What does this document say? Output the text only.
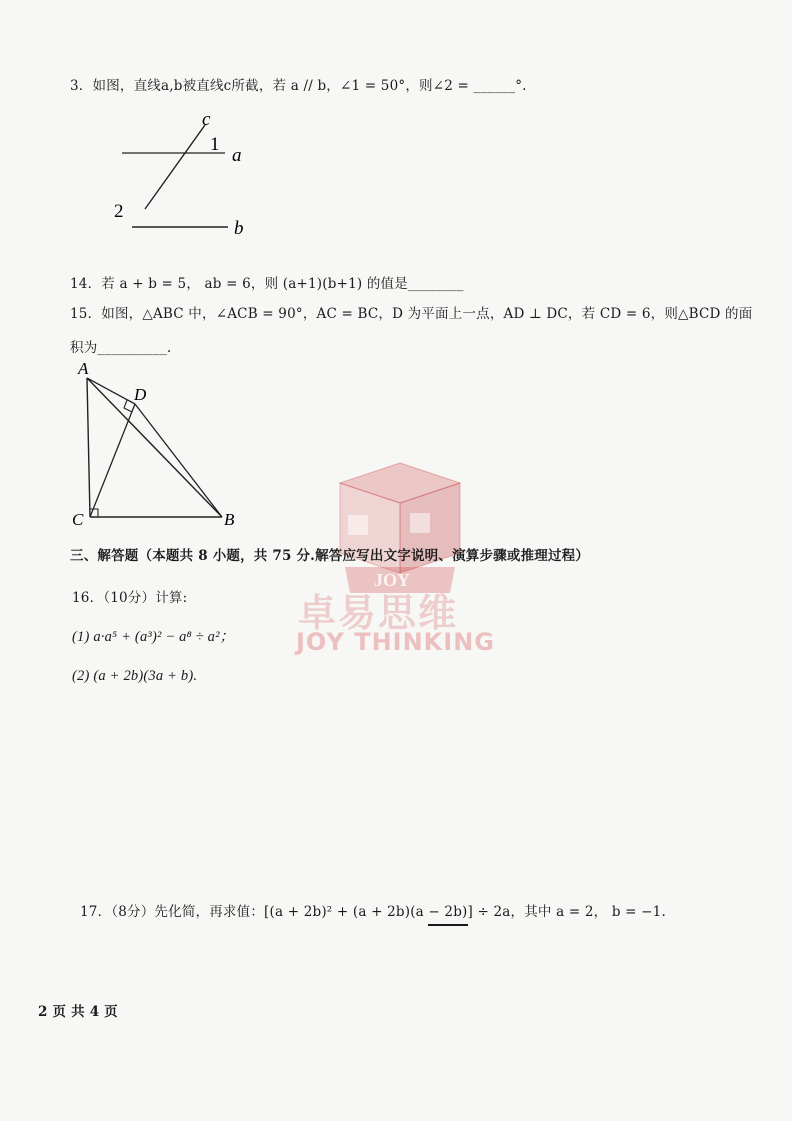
3．如图，直线a,b被直线c所截，若 a // b，∠1 = 50°，则∠2 = ______°.
c
1
a
2
b
14．若 a + b = 5， ab = 6，则 (a+1)(b+1) 的值是________
15．如图，△ABC 中，∠ACB = 90°，AC = BC，D 为平面上一点，AD ⊥ DC，若 CD = 6，则△BCD 的面
积为__________.
A
D
C	B
JOY
卓易思维
JOY THINKING
三、解答题（本题共 8 小题，共 75 分.解答应写出文字说明、演算步骤或推理过程）
16．（10分）计算:
(1) a·a⁵ + (a³)² − a⁸ ÷ a²；
(2) (a + 2b)(3a + b).
17．（8分）先化简，再求值：[(a + 2b)² + (a + 2b)(a − 2b)] ÷ 2a，其中 a = 2， b = −1.
2 页 共 4 页
